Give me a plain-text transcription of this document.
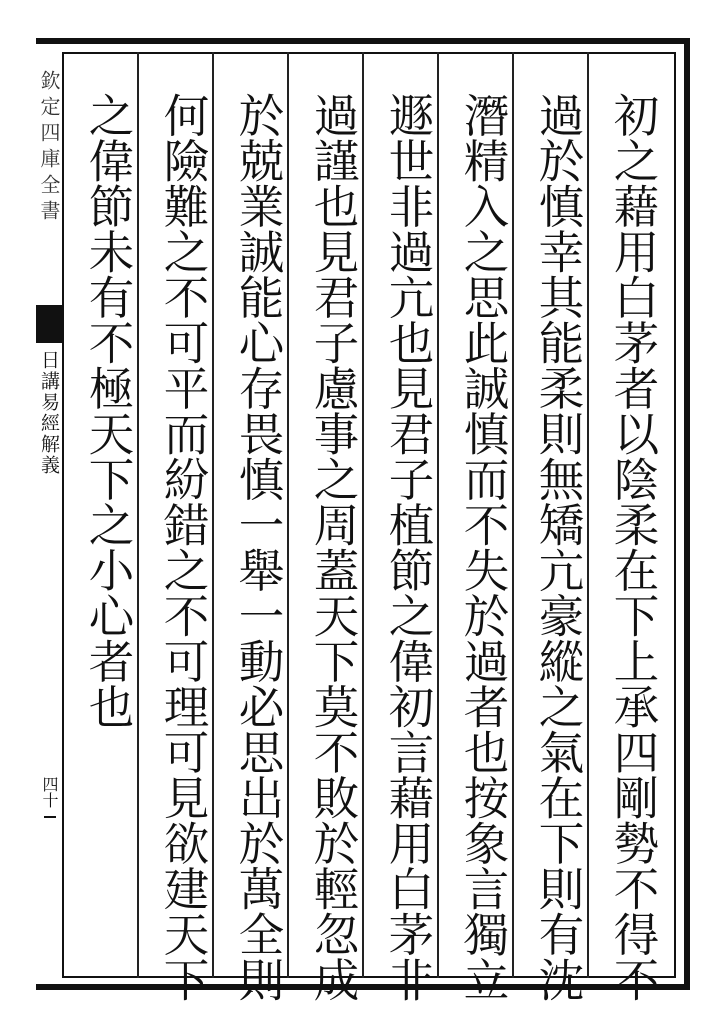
初之藉用白茅者以陰柔在下上承四剛勢不得不
過於慎幸其能柔則無矯亢豪縱之氣在下則有沈
潛精入之思此誠慎而不失於過者也按象言獨立
遯世非過亢也見君子植節之偉初言藉用白茅非
過謹也見君子慮事之周蓋天下莫不敗於輕忽成
於兢業誠能心存畏慎一舉一動必思出於萬全則
何險難之不可平而紛錯之不可理可見欲建天下
之偉節未有不極天下之小心者也
欽定四庫全書
日講易經解義
四十
